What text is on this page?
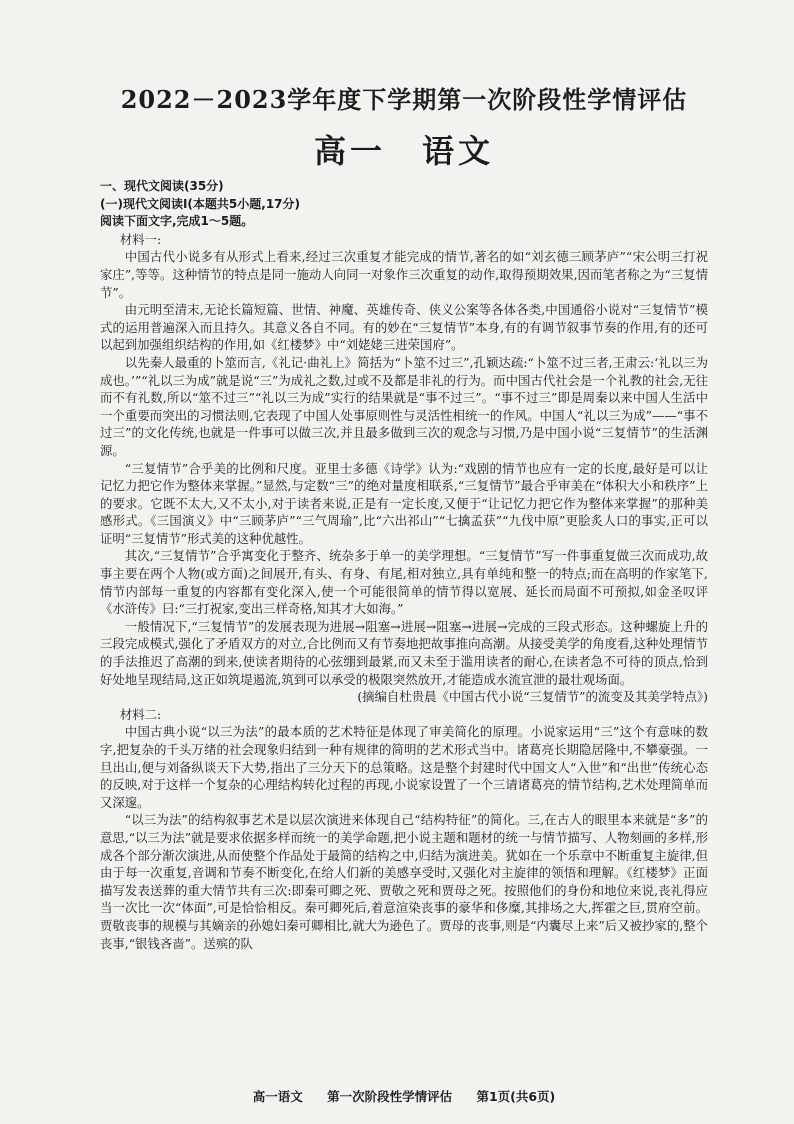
2022－2023学年度下学期第一次阶段性学情评估
高一　语文
一、现代文阅读(35分)
(一)现代文阅读Ⅰ(本题共5小题,17分)
阅读下面文字,完成1～5题。

材料一:

中国古代小说多有从形式上看来,经过三次重复才能完成的情节,著名的如“刘玄德三顾茅庐”“宋公明三打祝家庄”,等等。这种情节的特点是同一施动人向同一对象作三次重复的动作,取得预期效果,因而笔者称之为“三复情节”。

由元明至清末,无论长篇短篇、世情、神魔、英雄传奇、侠义公案等各体各类,中国通俗小说对“三复情节”模式的运用普遍深入而且持久。其意义各自不同。有的妙在“三复情节”本身,有的有调节叙事节奏的作用,有的还可以起到加强组织结构的作用,如《红楼梦》中“刘姥姥三进荣国府”。

以先秦人最重的卜筮而言,《礼记·曲礼上》简括为“卜筮不过三”,孔颖达疏:“卜筮不过三者,王肃云:‘礼以三为成也。’”“礼以三为成”就是说“三”为成礼之数,过或不及都是非礼的行为。而中国古代社会是一个礼教的社会,无往而不有礼数,所以“筮不过三”“礼以三为成”实行的结果就是“事不过三”。“事不过三”即是周秦以来中国人生活中一个重要而突出的习惯法则,它表现了中国人处事原则性与灵活性相统一的作风。中国人“礼以三为成”——“事不过三”的文化传统,也就是一件事可以做三次,并且最多做到三次的观念与习惯,乃是中国小说“三复情节”的生活渊源。

“三复情节”合乎美的比例和尺度。亚里士多德《诗学》认为:“戏剧的情节也应有一定的长度,最好是可以让记忆力把它作为整体来掌握。”显然,与定数“三”的绝对量度相联系,“三复情节”最合乎审美在“体积大小和秩序”上的要求。它既不太大,又不太小,对于读者来说,正是有一定长度,又便于“让记忆力把它作为整体来掌握”的那种美感形式。《三国演义》中“三顾茅庐”“三气周瑜”,比“六出祁山”“七擒孟获”“九伐中原”更脍炙人口的事实,正可以证明“三复情节”形式美的这种优越性。

其次,“三复情节”合乎寓变化于整齐、统杂多于单一的美学理想。“三复情节”写一件事重复做三次而成功,故事主要在两个人物(或方面)之间展开,有头、有身、有尾,相对独立,具有单纯和整一的特点;而在高明的作家笔下,情节内部每一重复的内容都有变化深入,使一个可能很简单的情节得以宽展、延长而局面不可预拟,如金圣叹评《水浒传》曰:“三打祝家,变出三样奇格,知其才大如海。”

一般情况下,“三复情节”的发展表现为进展→阻塞→进展→阻塞→进展→完成的三段式形态。这种螺旋上升的三段完成模式,强化了矛盾双方的对立,合比例而又有节奏地把故事推向高潮。从接受美学的角度看,这种处理情节的手法推迟了高潮的到来,使读者期待的心弦绷到最紧,而又未至于滥用读者的耐心,在读者急不可待的顶点,恰到好处地呈现结局,这正如筑堤遏流,筑到可以承受的极限突然放开,才能造成水流宣泄的最壮观场面。

(摘编自杜贵晨《中国古代小说“三复情节”的流变及其美学特点》)

材料二:

中国古典小说“以三为法”的最本质的艺术特征是体现了审美简化的原理。小说家运用“三”这个有意味的数字,把复杂的千头万绪的社会现象归结到一种有规律的简明的艺术形式当中。诸葛亮长期隐居隆中,不攀豪强。一旦出山,便与刘备纵谈天下大势,指出了三分天下的总策略。这是整个封建时代中国文人“入世”和“出世”传统心态的反映,对于这样一个复杂的心理结构转化过程的再现,小说家设置了一个三请诸葛亮的情节结构,艺术处理简单而又深邃。

“以三为法”的结构叙事艺术是以层次演进来体现自己“结构特征”的简化。三,在古人的眼里本来就是“多”的意思,“以三为法”就是要求依据多样而统一的美学命题,把小说主题和题材的统一与情节描写、人物刻画的多样,形成各个部分渐次演进,从而使整个作品处于最简的结构之中,归结为演进美。犹如在一个乐章中不断重复主旋律,但由于每一次重复,音调和节奏不断变化,在给人们新的美感享受时,又强化对主旋律的领悟和理解。《红楼梦》正面描写发表送葬的重大情节共有三次:即秦可卿之死、贾敬之死和贾母之死。按照他们的身份和地位来说,丧礼得应当一次比一次“体面”,可是恰恰相反。秦可卿死后,着意渲染丧事的豪华和侈糜,其排场之大,挥霍之巨,贯府空前。贾敬丧事的规模与其嫡亲的孙媳妇秦可卿相比,就大为逊色了。贾母的丧事,则是“内囊尽上来”后又被抄家的,整个丧事,“银钱吝啬”。送殡的队

高一语文 第一次阶段性学情评估 第1页(共6页)
